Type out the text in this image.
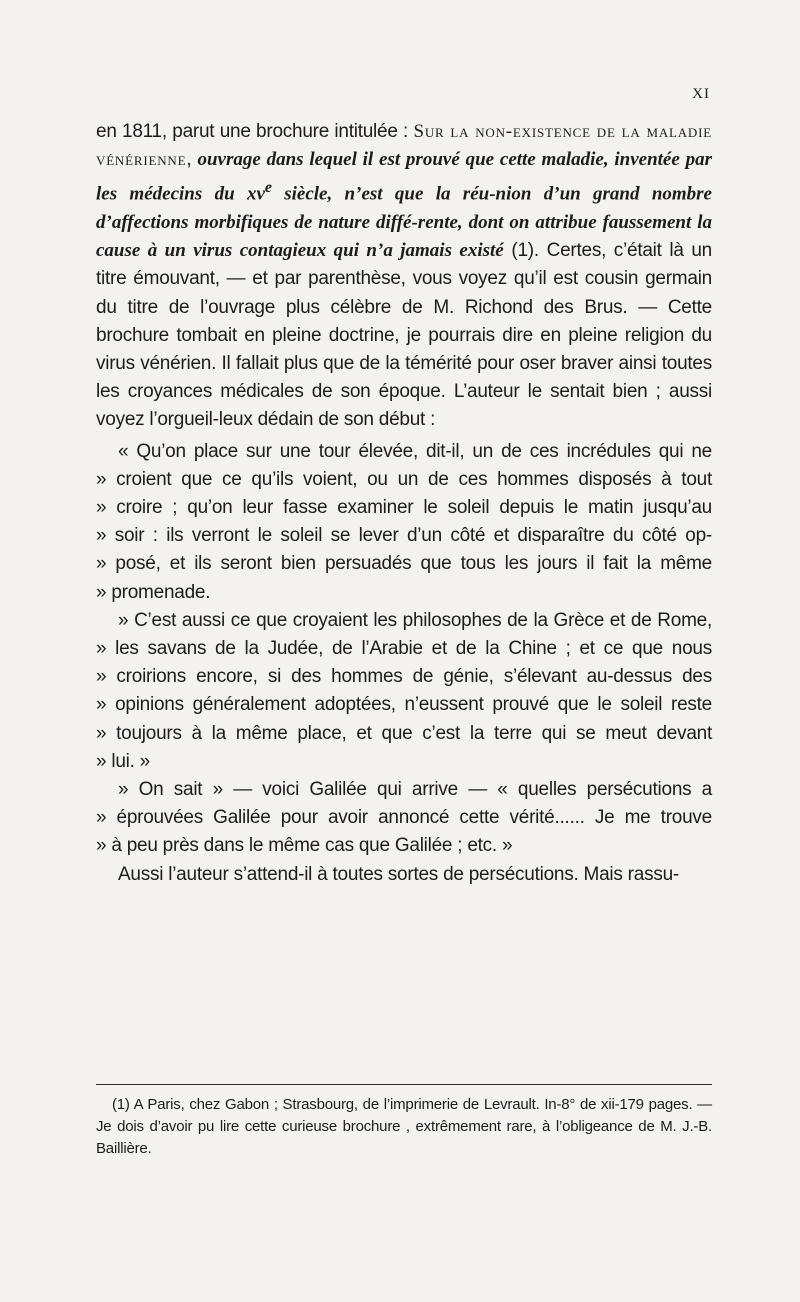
XI

en 1811, parut une brochure intitulée : Sur la non-existence de la maladie vénérienne, ouvrage dans lequel il est prouvé que cette maladie, inventée par les médecins du $xv^e$ siècle, n’est que la réu-nion d’un grand nombre d’affections morbifiques de nature diffé-rente, dont on attribue faussement la cause à un virus contagieux qui n’a jamais existé (1). Certes, c’était là un titre émouvant, — et par parenthèse, vous voyez qu’il est cousin germain du titre de l’ouvrage plus célèbre de M. Richond des Brus. — Cette brochure tombait en pleine doctrine, je pourrais dire en pleine religion du virus vénérien. Il fallait plus que de la témérité pour oser braver ainsi toutes les croyances médicales de son époque. L’auteur le sentait bien ; aussi voyez l’orgueil-leux dédain de son début :

« Qu’on place sur une tour élevée, dit-il, un de ces incrédules qui ne
» croient que ce qu’ils voient, ou un de ces hommes disposés à tout
» croire ; qu’on leur fasse examiner le soleil depuis le matin jusqu’au
» soir : ils verront le soleil se lever d’un côté et disparaître du côté op-
» posé, et ils seront bien persuadés que tous les jours il fait la même
» promenade.
» C’est aussi ce que croyaient les philosophes de la Grèce et de Rome,
» les savans de la Judée, de l’Arabie et de la Chine ; et ce que nous
» croirions encore, si des hommes de génie, s’élevant au-dessus des
» opinions généralement adoptées, n’eussent prouvé que le soleil reste
» toujours à la même place, et que c’est la terre qui se meut devant
» lui. »
» On sait » — voici Galilée qui arrive — « quelles persécutions a
» éprouvées Galilée pour avoir annoncé cette vérité...... Je me trouve
» à peu près dans le même cas que Galilée ; etc. »

Aussi l’auteur s’attend-il à toutes sortes de persécutions. Mais rassu-

(1) A Paris, chez Gabon ; Strasbourg, de l’imprimerie de Levrault. In-8° de xii-179 pages. — Je dois d’avoir pu lire cette curieuse brochure , extrêmement rare, à l’obligeance de M. J.-B. Baillière.
